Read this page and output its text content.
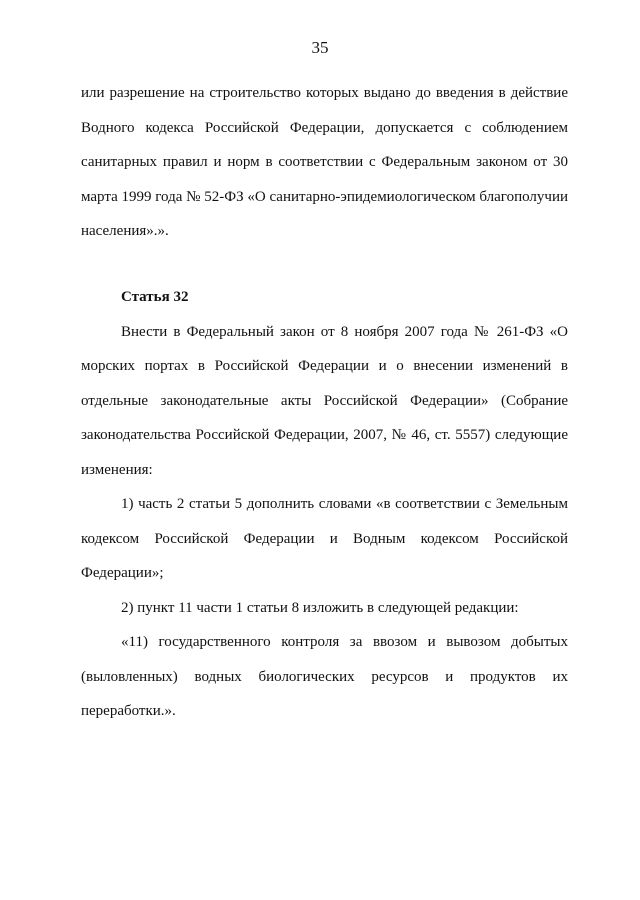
35

или разрешение на строительство которых выдано до введения в действие Водного кодекса Российской Федерации, допускается с соблюдением санитарных правил и норм в соответствии с Федеральным законом от 30 марта 1999 года № 52-ФЗ «О санитарно-эпидемиологическом благополучии населения».».

Статья 32

Внести в Федеральный закон от 8 ноября 2007 года № 261-ФЗ «О морских портах в Российской Федерации и о внесении изменений в отдельные законодательные акты Российской Федерации» (Собрание законодательства Российской Федерации, 2007, № 46, ст. 5557) следующие изменения:

1) часть 2 статьи 5 дополнить словами «в соответствии с Земельным кодексом Российской Федерации и Водным кодексом Российской Федерации»;

2) пункт 11 части 1 статьи 8 изложить в следующей редакции:

«11) государственного контроля за ввозом и вывозом добытых (выловленных) водных биологических ресурсов и продуктов их переработки.».
